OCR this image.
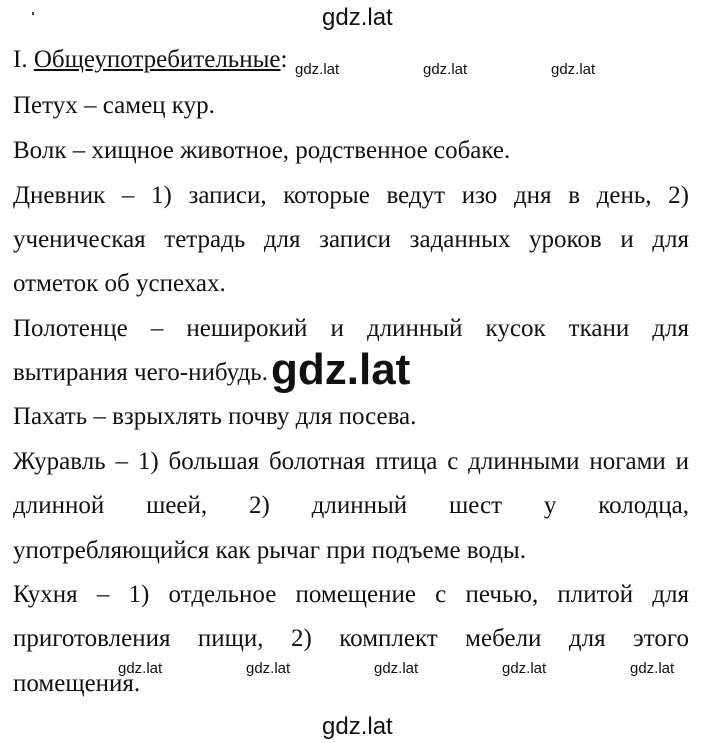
gdz.lat
I. Общеупотребительные: gdz.lat	gdz.lat	gdz.lat
Петух – самец кур.
Волк – хищное животное, родственное собаке.
Дневник – 1) записи, которые ведут изо дня в день, 2)
ученическая тетрадь для записи заданных уроков и для
отметок об успехах.
Полотенце – неширокий и длинный кусок ткани для
вытирания чего-нибудь. gdz.lat
Пахать – взрыхлять почву для посева.
Журавль – 1) большая болотная птица с длинными ногами и
длинной шеей, 2) длинный шест у колодца,
употребляющийся как рычаг при подъеме воды.
Кухня – 1) отдельное помещение с печью, плитой для
приготовления пищи, 2) комплект мебели для этого
помещения.
gdz.lat	gdz.lat	gdz.lat	gdz.lat	gdz.lat
gdz.lat
